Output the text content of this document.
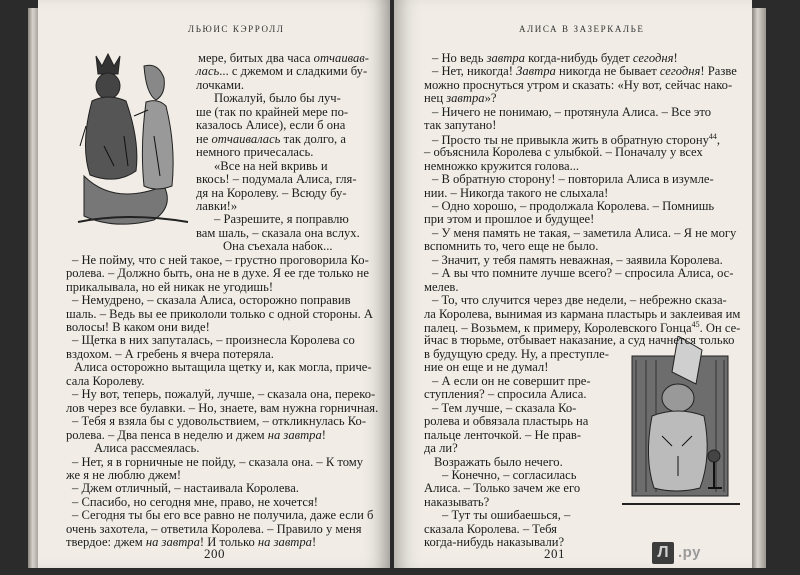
ЛЬЮИС КЭРРОЛЛ
мере, битых два часа отчаивав-
лась... с джемом и сладкими бу-
лочками.
Пожалуй, было бы луч-
ше (так по крайней мере по-
казалось Алисе), если б она
не отчаивалась так долго, а
немного причесалась.
«Все на ней вкривь и
вкось! – подумала Алиса, гля-
дя на Королеву. – Всюду бу-
лавки!»
– Разрешите, я поправлю
вам шаль, – сказала она вслух.
Она съехала набок...
– Не пойму, что с ней такое, – грустно проговорила Ко-
ролева. – Должно быть, она не в духе. Я ее где только не
прикалывала, но ей никак не угодишь!
– Немудрено, – сказала Алиса, осторожно поправив
шаль. – Ведь вы ее прикололи только с одной стороны. А
волосы! В каком они виде!
– Щетка в них запуталась, – произнесла Королева со
вздохом. – А гребень я вчера потеряла.
Алиса осторожно вытащила щетку и, как могла, приче-
сала Королеву.
– Ну вот, теперь, пожалуй, лучше, – сказала она, переко-
лов через все булавки. – Но, знаете, вам нужна горничная.
– Тебя я взяла бы с удовольствием, – откликнулась Ко-
ролева. – Два пенса в неделю и джем на завтра!
Алиса рассмеялась.
– Нет, я в горничные не пойду, – сказала она. – К тому
же я не люблю джем!
– Джем отличный, – настаивала Королева.
– Спасибо, но сегодня мне, право, не хочется!
– Сегодня ты бы его все равно не получила, даже если б
очень захотела, – ответила Королева. – Правило у меня
твердое: джем на завтра! И только на завтра!
200
АЛИСА В ЗАЗЕРКАЛЬЕ
– Но ведь завтра когда-нибудь будет сегодня!
– Нет, никогда! Завтра никогда не бывает сегодня! Разве
можно проснуться утром и сказать: «Ну вот, сейчас нако-
нец завтра»?
– Ничего не понимаю, – протянула Алиса. – Все это
так запутано!
– Просто ты не привыкла жить в обратную сторону$^{44}$,
– объяснила Королева с улыбкой. – Поначалу у всех
немножко кружится голова...
– В обратную сторону! – повторила Алиса в изумле-
нии. – Никогда такого не слыхала!
– Одно хорошо, – продолжала Королева. – Помнишь
при этом и прошлое и будущее!
– У меня память не такая, – заметила Алиса. – Я не могу
вспомнить то, чего еще не было.
– Значит, у тебя память неважная, – заявила Королева.
– А вы что помните лучше всего? – спросила Алиса, ос-
мелев.
– То, что случится через две недели, – небрежно сказа-
ла Королева, вынимая из кармана пластырь и заклеивая им
палец. – Возьмем, к примеру, Королевского Гонца$^{45}$. Он се-
йчас в тюрьме, отбывает наказание, а суд начнется только
в будущую среду. Ну, а преступле-
ние он еще и не думал!
– А если он не совершит пре-
ступления? – спросила Алиса.
– Тем лучше, – сказала Ко-
ролева и обвязала пластырь на
пальце ленточкой. – Не прав-
да ли?
Возражать было нечего.
– Конечно, – согласилась
Алиса. – Только зачем же его
наказывать?
– Тут ты ошибаешься, –
сказала Королева. – Тебя
когда-нибудь наказывали?
201	Л .ру
